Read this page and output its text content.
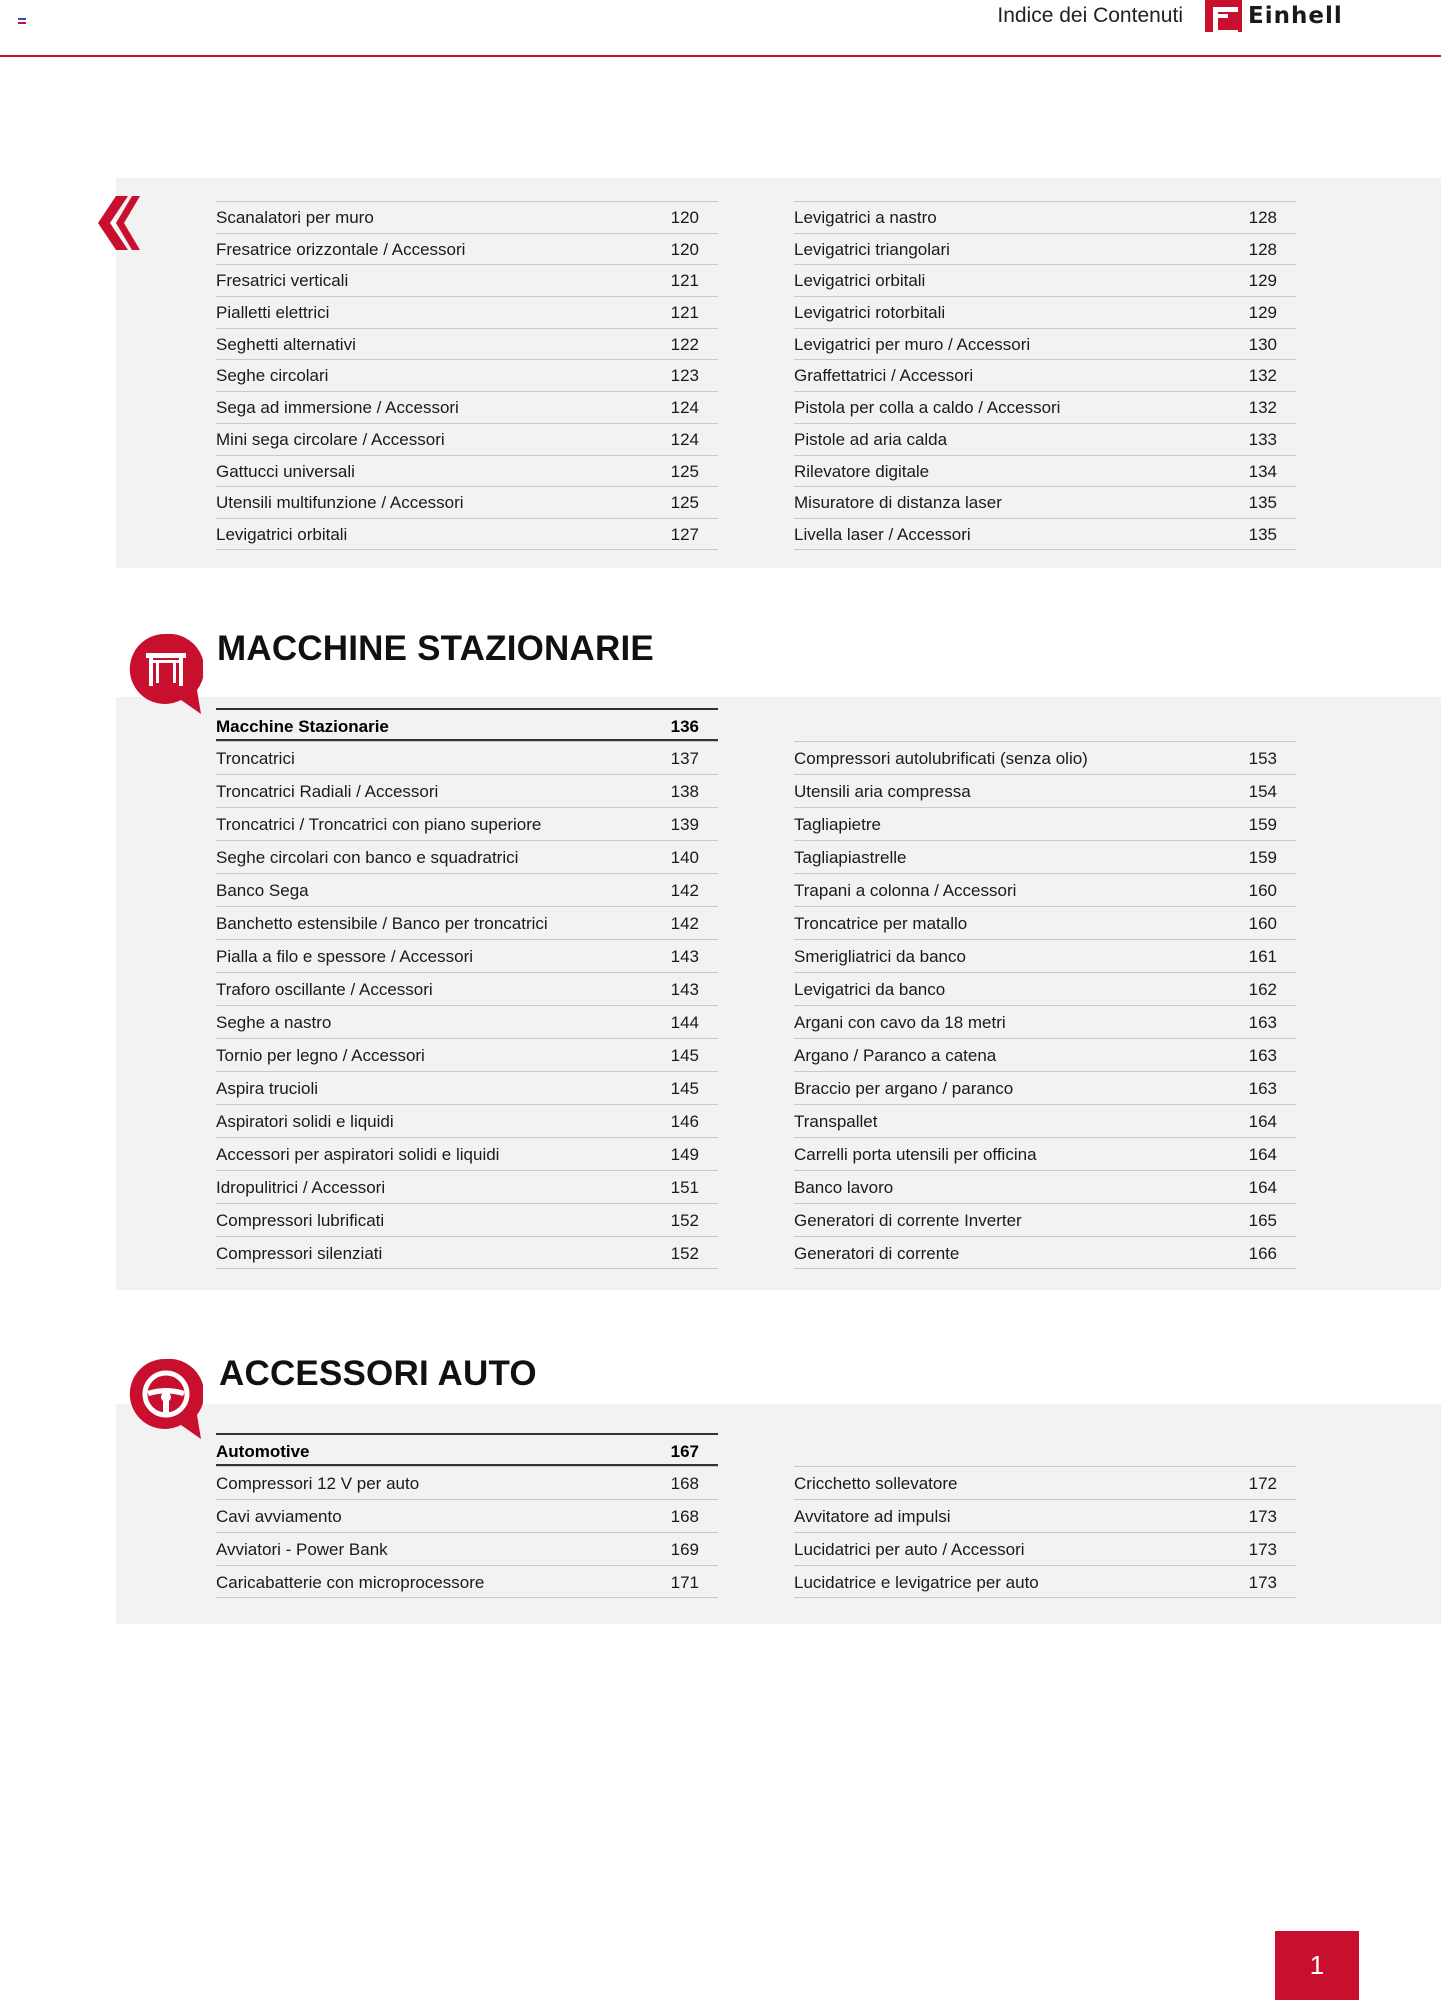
Indice dei Contenuti	Einhell
Scanalatori per muro	120
Fresatrice orizzontale / Accessori	120
Fresatrici verticali	121
Pialletti elettrici	121
Seghetti alternativi	122
Seghe circolari	123
Sega ad immersione / Accessori	124
Mini sega circolare / Accessori	124
Gattucci universali	125
Utensili multifunzione / Accessori	125
Levigatrici orbitali	127
Levigatrici a nastro	128
Levigatrici triangolari	128
Levigatrici orbitali	129
Levigatrici rotorbitali	129
Levigatrici per muro / Accessori	130
Graffettatrici / Accessori	132
Pistola per colla a caldo / Accessori	132
Pistole ad aria calda	133
Rilevatore digitale	134
Misuratore di distanza laser	135
Livella laser / Accessori	135
MACCHINE STAZIONARIE
Macchine Stazionarie	136
Troncatrici	137
Troncatrici Radiali / Accessori	138
Troncatrici / Troncatrici con piano superiore	139
Seghe circolari con banco e squadratrici	140
Banco Sega	142
Banchetto estensibile / Banco per troncatrici	142
Pialla a filo e spessore / Accessori	143
Traforo oscillante / Accessori	143
Seghe a nastro	144
Tornio per legno / Accessori	145
Aspira trucioli	145
Aspiratori solidi e liquidi	146
Accessori per aspiratori solidi e liquidi	149
Idropulitrici / Accessori	151
Compressori lubrificati	152
Compressori silenziati	152
Compressori autolubrificati (senza olio)	153
Utensili aria compressa	154
Tagliapietre	159
Tagliapiastrelle	159
Trapani a colonna / Accessori	160
Troncatrice per matallo	160
Smerigliatrici da banco	161
Levigatrici da banco	162
Argani con cavo da 18 metri	163
Argano / Paranco a catena	163
Braccio per argano / paranco	163
Transpallet	164
Carrelli porta utensili per officina	164
Banco lavoro	164
Generatori di corrente Inverter	165
Generatori di corrente	166
ACCESSORI AUTO
Automotive	167
Compressori 12 V per auto	168
Cavi avviamento	168
Avviatori - Power Bank	169
Caricabatterie con microprocessore	171
Cricchetto sollevatore	172
Avvitatore ad impulsi	173
Lucidatrici per auto / Accessori	173
Lucidatrice e levigatrice per auto	173
1
